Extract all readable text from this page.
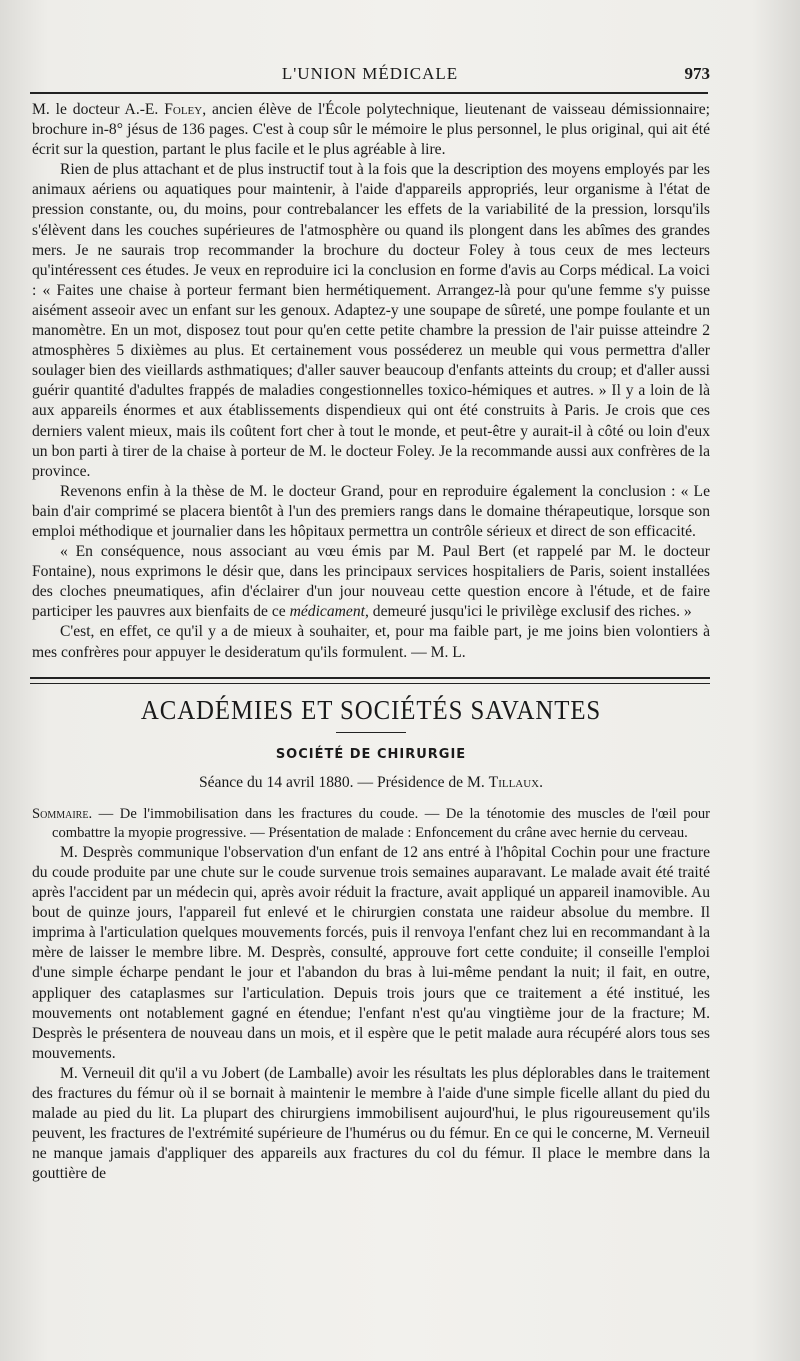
L'UNION MÉDICALE	973

M. le docteur A.-E. Foley, ancien élève de l'École polytechnique, lieutenant de vaisseau démissionnaire; brochure in-8° jésus de 136 pages. C'est à coup sûr le mémoire le plus personnel, le plus original, qui ait été écrit sur la question, partant le plus facile et le plus agréable à lire.

Rien de plus attachant et de plus instructif tout à la fois que la description des moyens employés par les animaux aériens ou aquatiques pour maintenir, à l'aide d'appareils appropriés, leur organisme à l'état de pression constante, ou, du moins, pour contrebalancer les effets de la variabilité de la pression, lorsqu'ils s'élèvent dans les couches supérieures de l'atmosphère ou quand ils plongent dans les abîmes des grandes mers. Je ne saurais trop recommander la brochure du docteur Foley à tous ceux de mes lecteurs qu'intéressent ces études. Je veux en reproduire ici la conclusion en forme d'avis au Corps médical. La voici : « Faites une chaise à porteur fermant bien hermétiquement. Arrangez-là pour qu'une femme s'y puisse aisément asseoir avec un enfant sur les genoux. Adaptez-y une soupape de sûreté, une pompe foulante et un manomètre. En un mot, disposez tout pour qu'en cette petite chambre la pression de l'air puisse atteindre 2 atmosphères 5 dixièmes au plus. Et certainement vous posséderez un meuble qui vous permettra d'aller soulager bien des vieillards asthmatiques; d'aller sauver beaucoup d'enfants atteints du croup; et d'aller aussi guérir quantité d'adultes frappés de maladies congestionnelles toxico-hémiques et autres. » Il y a loin de là aux appareils énormes et aux établissements dispendieux qui ont été construits à Paris. Je crois que ces derniers valent mieux, mais ils coûtent fort cher à tout le monde, et peut-être y aurait-il à côté ou loin d'eux un bon parti à tirer de la chaise à porteur de M. le docteur Foley. Je la recommande aussi aux confrères de la province.

Revenons enfin à la thèse de M. le docteur Grand, pour en reproduire également la conclusion : « Le bain d'air comprimé se placera bientôt à l'un des premiers rangs dans le domaine thérapeutique, lorsque son emploi méthodique et journalier dans les hôpitaux permettra un contrôle sérieux et direct de son efficacité.

« En conséquence, nous associant au vœu émis par M. Paul Bert (et rappelé par M. le docteur Fontaine), nous exprimons le désir que, dans les principaux services hospitaliers de Paris, soient installées des cloches pneumatiques, afin d'éclairer d'un jour nouveau cette question encore à l'étude, et de faire participer les pauvres aux bienfaits de ce médicament, demeuré jusqu'ici le privilège exclusif des riches. »

C'est, en effet, ce qu'il y a de mieux à souhaiter, et, pour ma faible part, je me joins bien volontiers à mes confrères pour appuyer le desideratum qu'ils formulent. — M. L.

ACADÉMIES ET SOCIÉTÉS SAVANTES
SOCIÉTÉ DE CHIRURGIE
Séance du 14 avril 1880. — Présidence de M. Tillaux.

Sommaire. — De l'immobilisation dans les fractures du coude. — De la ténotomie des muscles de l'œil pour combattre la myopie progressive. — Présentation de malade : Enfoncement du crâne avec hernie du cerveau.

M. Desprès communique l'observation d'un enfant de 12 ans entré à l'hôpital Cochin pour une fracture du coude produite par une chute sur le coude survenue trois semaines auparavant. Le malade avait été traité après l'accident par un médecin qui, après avoir réduit la fracture, avait appliqué un appareil inamovible. Au bout de quinze jours, l'appareil fut enlevé et le chirurgien constata une raideur absolue du membre. Il imprima à l'articulation quelques mouvements forcés, puis il renvoya l'enfant chez lui en recommandant à la mère de laisser le membre libre. M. Desprès, consulté, approuve fort cette conduite; il conseille l'emploi d'une simple écharpe pendant le jour et l'abandon du bras à lui-même pendant la nuit; il fait, en outre, appliquer des cataplasmes sur l'articulation. Depuis trois jours que ce traitement a été institué, les mouvements ont notablement gagné en étendue; l'enfant n'est qu'au vingtième jour de la fracture; M. Desprès le présentera de nouveau dans un mois, et il espère que le petit malade aura récupéré alors tous ses mouvements.

M. Verneuil dit qu'il a vu Jobert (de Lamballe) avoir les résultats les plus déplorables dans le traitement des fractures du fémur où il se bornait à maintenir le membre à l'aide d'une simple ficelle allant du pied du malade au pied du lit. La plupart des chirurgiens immobilisent aujourd'hui, le plus rigoureusement qu'ils peuvent, les fractures de l'extrémité supérieure de l'humérus ou du fémur. En ce qui le concerne, M. Verneuil ne manque jamais d'appliquer des appareils aux fractures du col du fémur. Il place le membre dans la gouttière de
